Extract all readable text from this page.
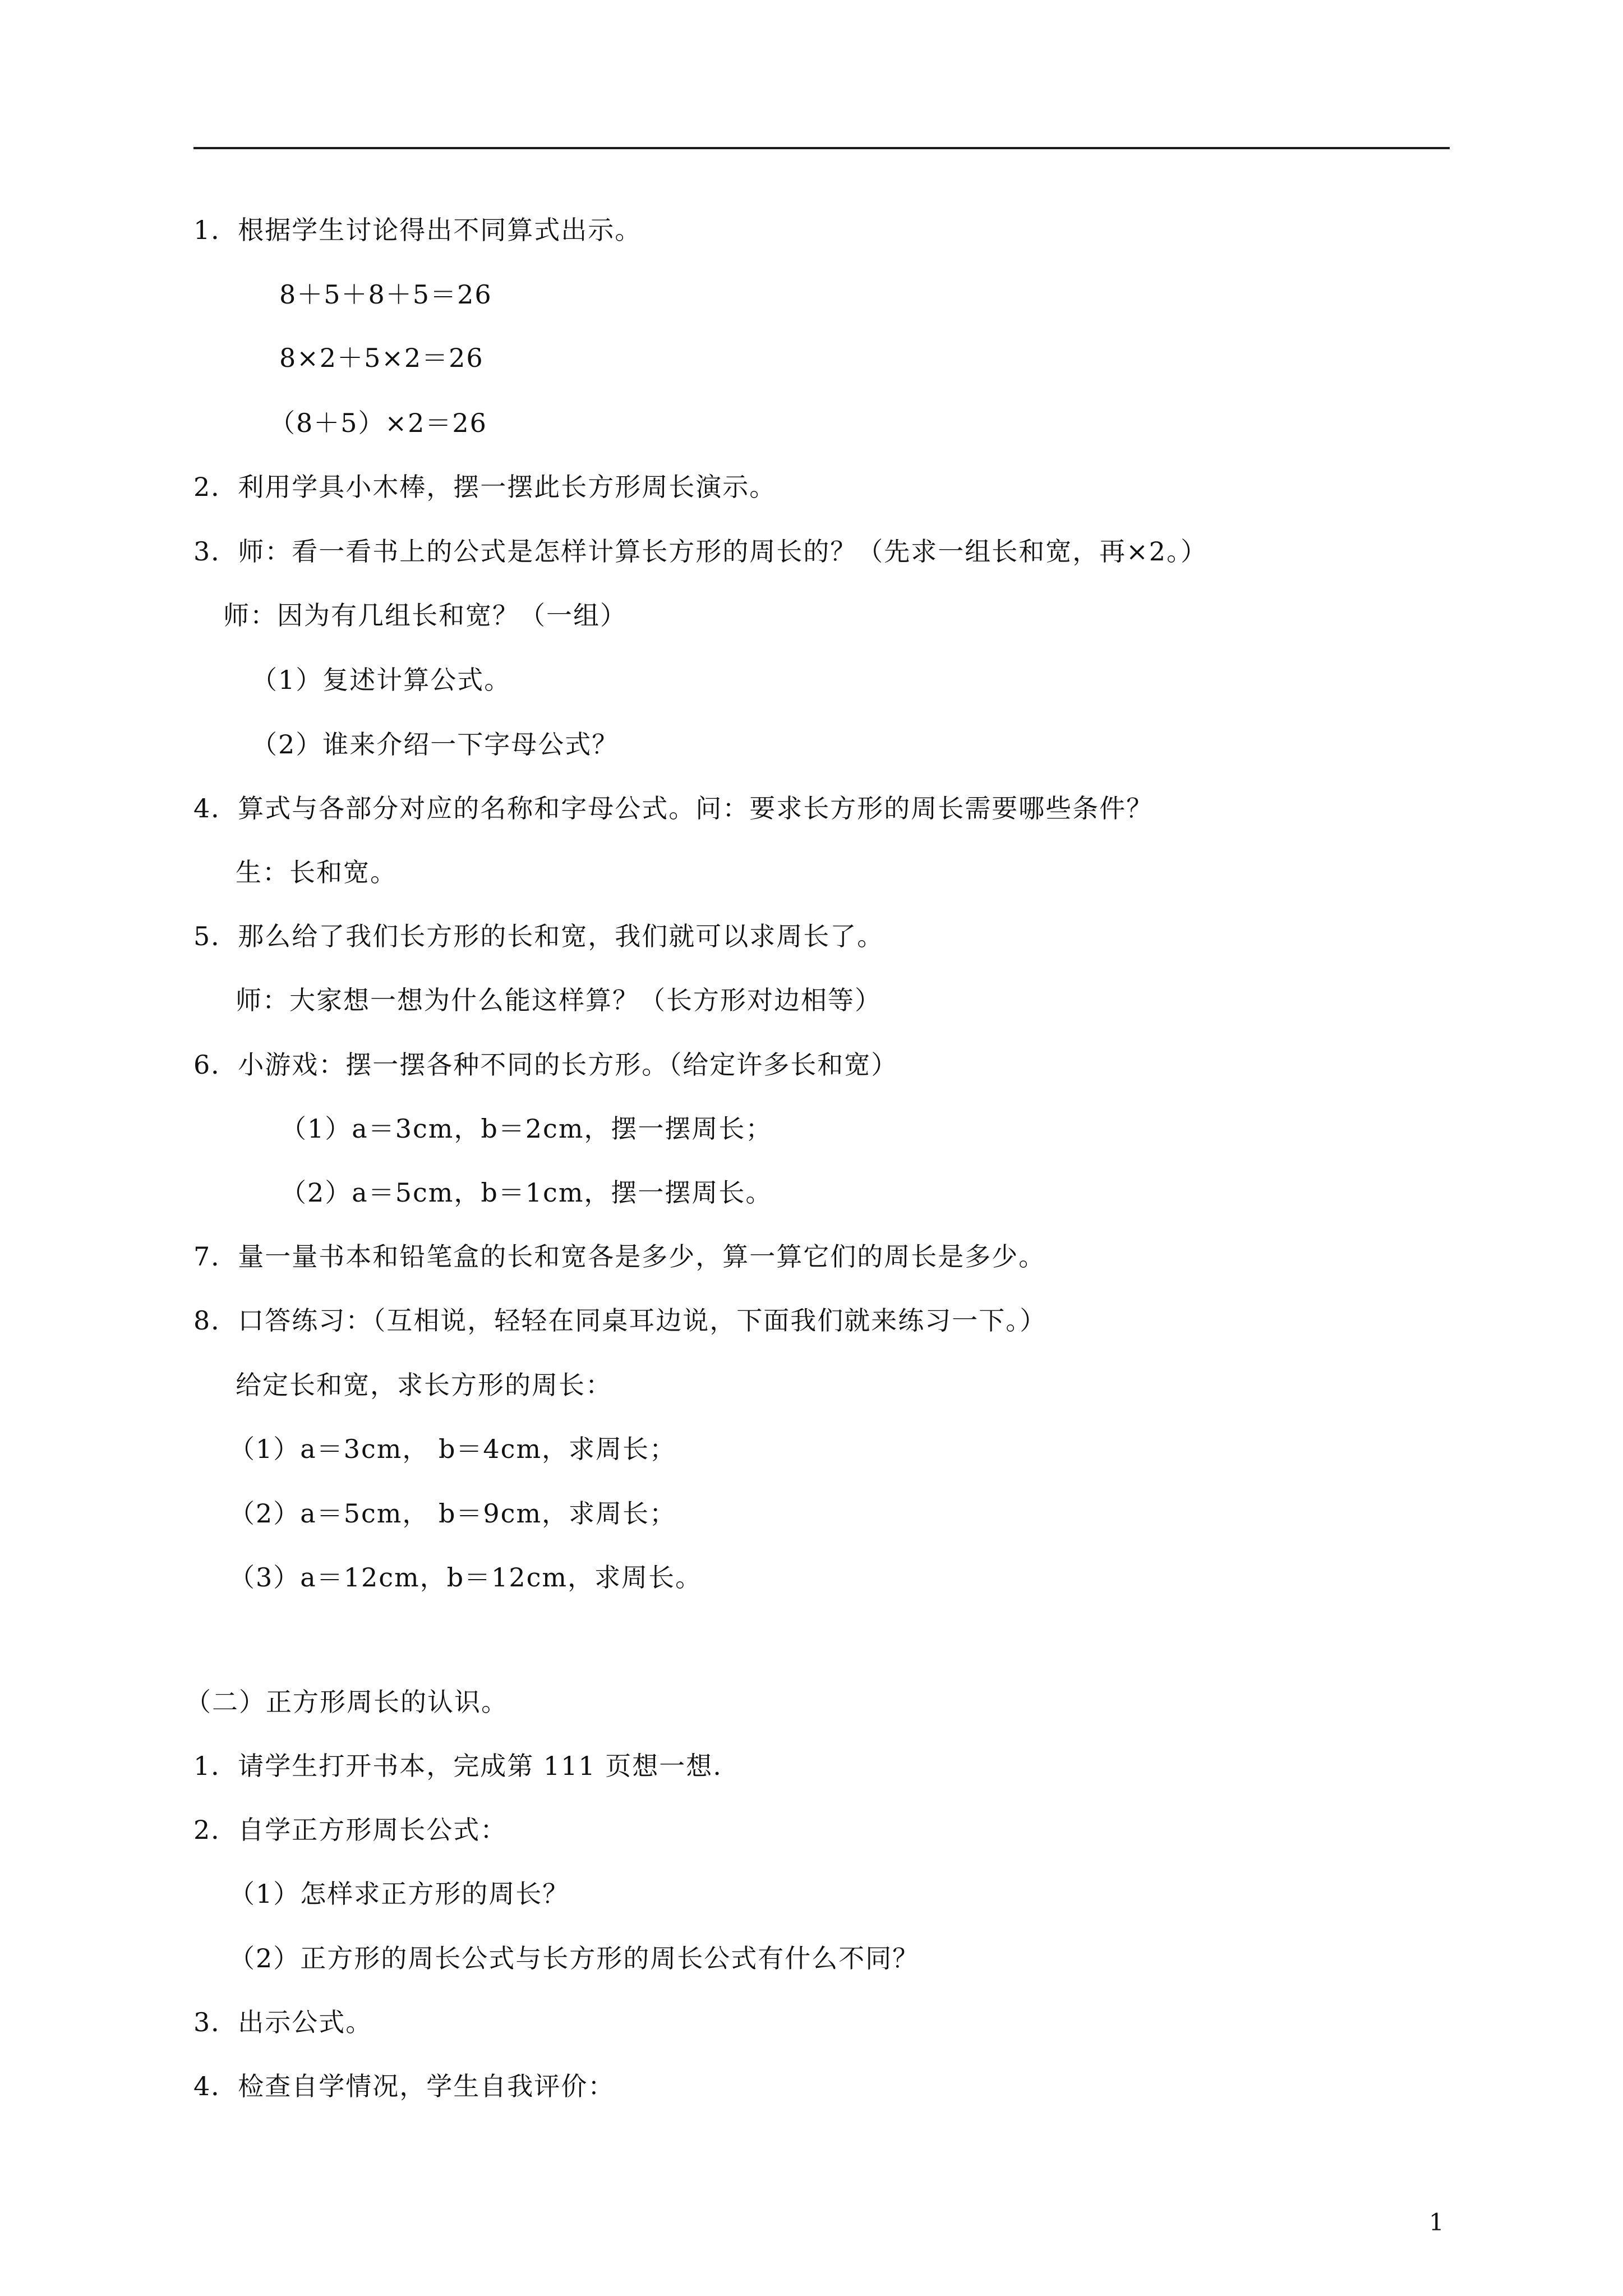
1．根据学生讨论得出不同算式出示。
8＋5＋8＋5＝26
8×2＋5×2＝26
（8＋5）×2＝26
2．利用学具小木棒，摆一摆此长方形周长演示。
3．师：看一看书上的公式是怎样计算长方形的周长的？（先求一组长和宽，再×2。）
师：因为有几组长和宽？（一组）
（1）复述计算公式。
（2）谁来介绍一下字母公式？
4．算式与各部分对应的名称和字母公式。问：要求长方形的周长需要哪些条件？
生：长和宽。
5．那么给了我们长方形的长和宽，我们就可以求周长了。
师：大家想一想为什么能这样算？（长方形对边相等）
6．小游戏：摆一摆各种不同的长方形。（给定许多长和宽）
（1）a＝3cm，b＝2cm，摆一摆周长；
（2）a＝5cm，b＝1cm，摆一摆周长。
7．量一量书本和铅笔盒的长和宽各是多少，算一算它们的周长是多少。
8．口答练习：（互相说，轻轻在同桌耳边说，下面我们就来练习一下。）
给定长和宽，求长方形的周长：
（1）a＝3cm， b＝4cm，求周长；
（2）a＝5cm， b＝9cm，求周长；
（3）a＝12cm，b＝12cm，求周长。
（二）正方形周长的认识。
1．请学生打开书本，完成第 111 页想一想.
2．自学正方形周长公式：
（1）怎样求正方形的周长？
（2）正方形的周长公式与长方形的周长公式有什么不同？
3．出示公式。
4．检查自学情况，学生自我评价：
1
